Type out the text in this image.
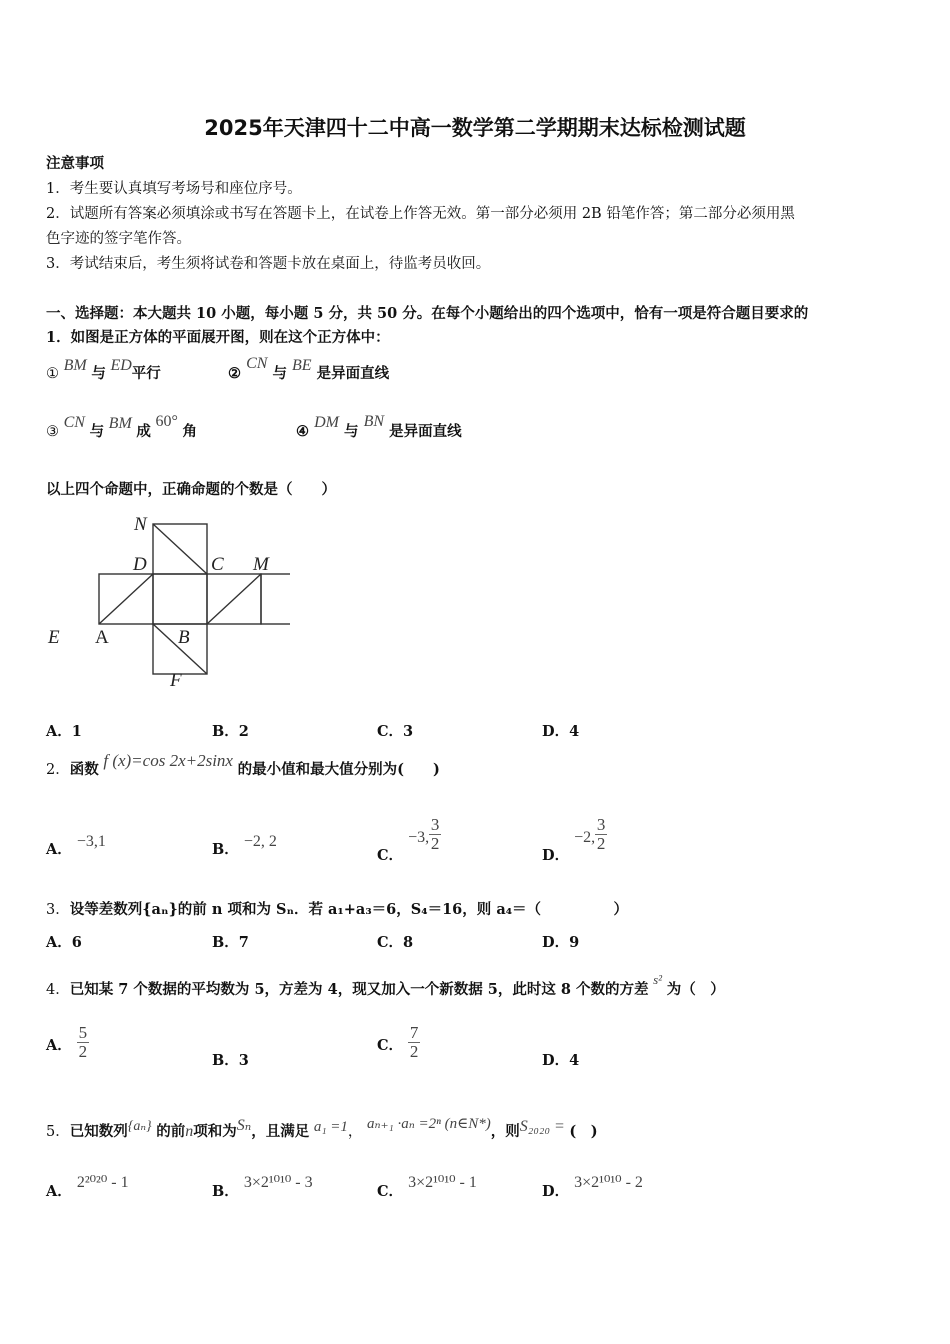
2025年天津四十二中高一数学第二学期期末达标检测试题
注意事项
1．考生要认真填写考场号和座位序号。
2．试题所有答案必须填涂或书写在答题卡上，在试卷上作答无效。第一部分必须用 2B 铅笔作答；第二部分必须用黑
色字迹的签字笔作答。
3．考试结束后，考生须将试卷和答题卡放在桌面上，待监考员收回。
一、选择题：本大题共 10 小题，每小题 5 分，共 50 分。在每个小题给出的四个选项中，恰有一项是符合题目要求的
1．如图是正方体的平面展开图，则在这个正方体中：
① BM 与 ED平行	② CN 与 BE 是异面直线
③ CN 与 BM 成 60° 角	④ DM 与 BN 是异面直线
以上四个命题中，正确命题的个数是（　　）
N
D	C M
E A	B
F
A．1	B．2	C．3	D．4
2．函数 f (x)=cos 2x+2sinx 的最小值和最大值分别为(　　)
A． −3,1	B． −2, 2
C． −3, $\frac{3}{2}$
D． −2, $\frac{3}{2}$
3．设等差数列{aₙ}的前 n 项和为 Sₙ．若 a₁+a₃＝6，S₄＝16，则 a₄＝（　　　　　）
A．6	B．7	C．8	D．9
4．已知某 7 个数据的平均数为 5，方差为 4，现又加入一个新数据 5，此时这 8 个数的方差 s² 为（　）
A． $\frac{5}{2}$	B．3
C． $\frac{7}{2}$	D．4
5．已知数列{aₙ} 的前n项和为Sₙ，且满足 a₁ =1， aₙ₊₁ ·aₙ =2ⁿ (n∈N*)，则S₂₀₂₀ = (　)
A． 2²⁰²⁰ - 1
B． 3×2¹⁰¹⁰ - 3
C． 3×2¹⁰¹⁰ - 1
D． 3×2¹⁰¹⁰ - 2
